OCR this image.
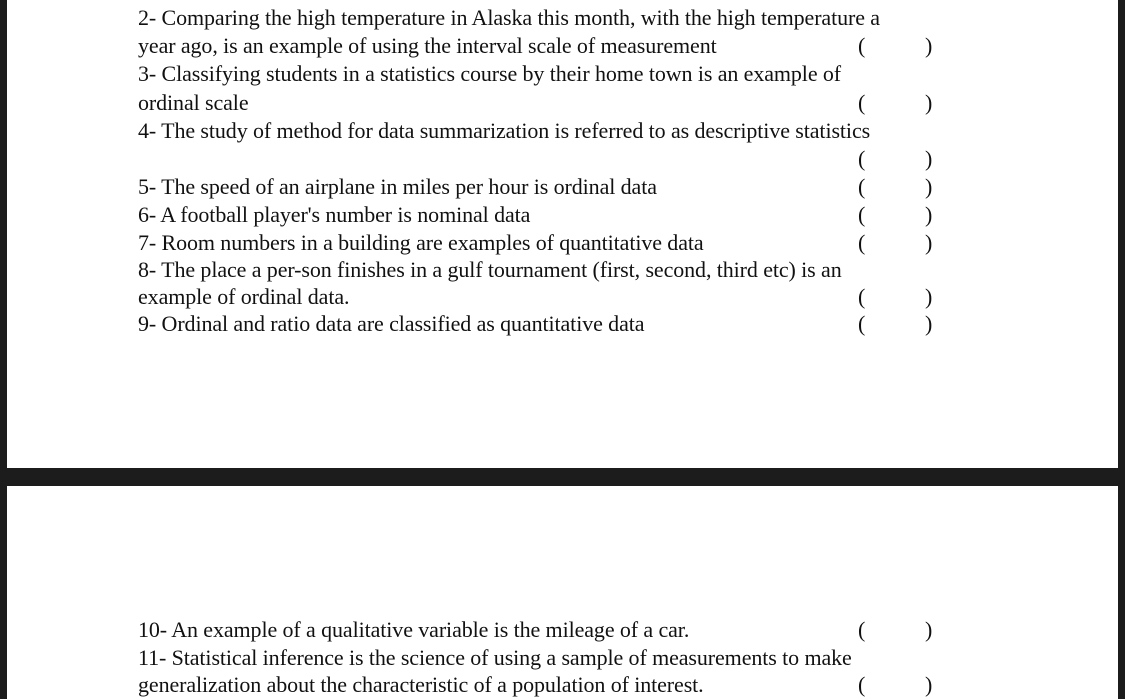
2- Comparing the high temperature in Alaska this month, with the high temperature a
year ago, is an example of using the interval scale of measurement	(	)
3- Classifying students in a statistics course by their home town is an example of
ordinal scale	(	)
4- The study of method for data summarization is referred to as descriptive statistics
(	)
5- The speed of an airplane in miles per hour is ordinal data	(	)
6- A football player's number is nominal data	(	)
7- Room numbers in a building are examples of quantitative data	(	)
8- The place a per-son finishes in a gulf tournament (first, second, third etc) is an
example of ordinal data.	(	)
9- Ordinal and ratio data are classified as quantitative data	(	)
10- An example of a qualitative variable is the mileage of a car.	(	)
11- Statistical inference is the science of using a sample of measurements to make
generalization about the characteristic of a population of interest.	(	)
